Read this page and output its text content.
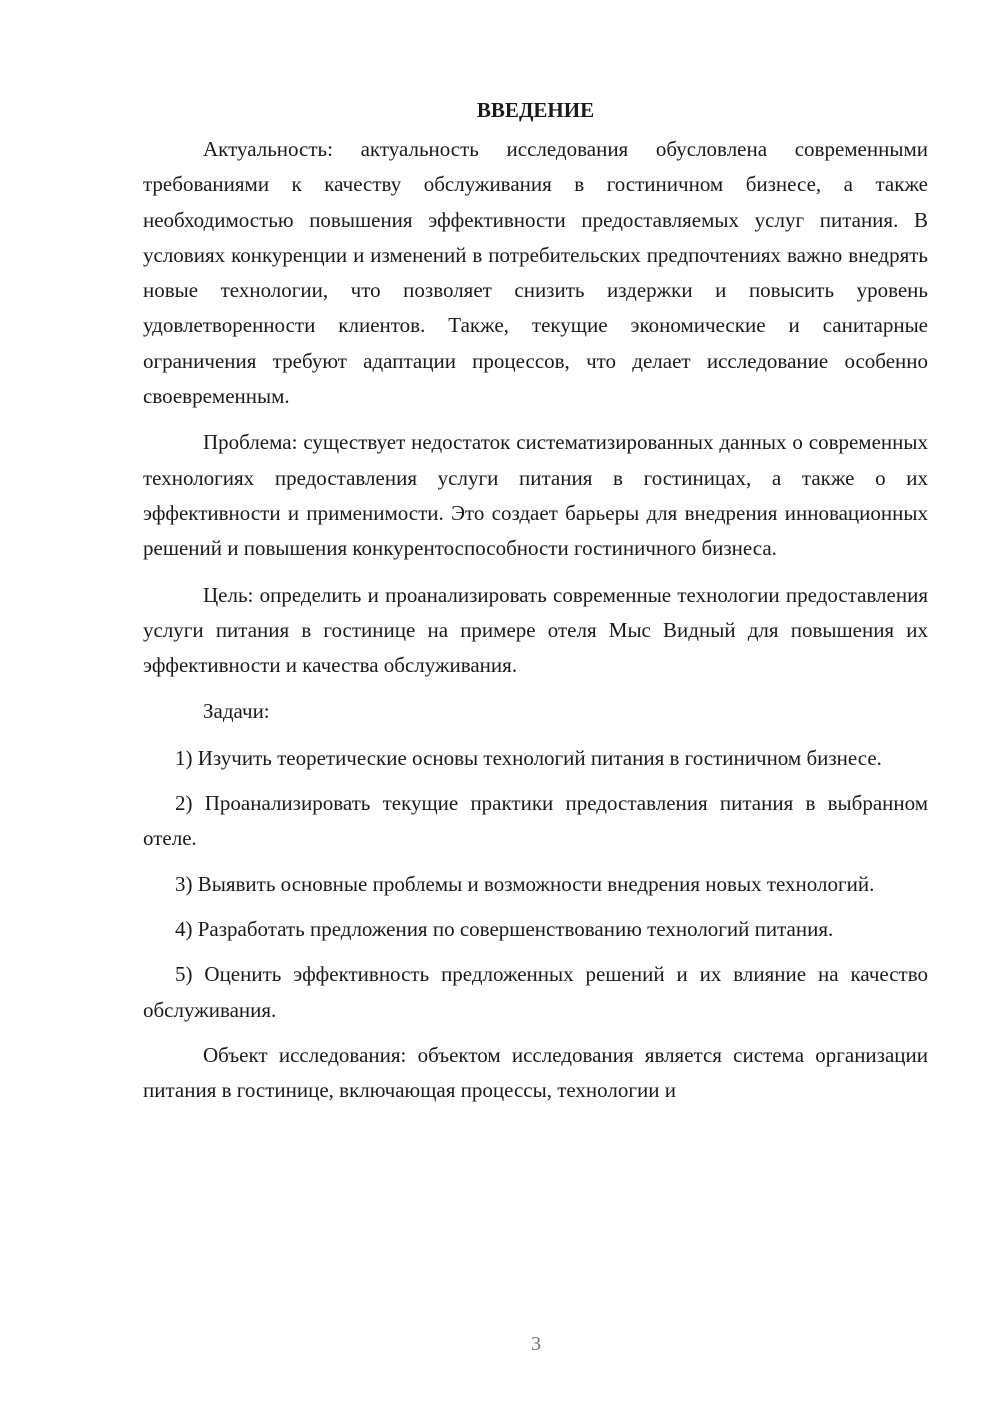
ВВЕДЕНИЕ

Актуальность: актуальность исследования обусловлена современными требованиями к качеству обслуживания в гостиничном бизнесе, а также необходимостью повышения эффективности предоставляемых услуг питания. В условиях конкуренции и изменений в потребительских предпочтениях важно внедрять новые технологии, что позволяет снизить издержки и повысить уровень удовлетворенности клиентов. Также, текущие экономические и санитарные ограничения требуют адаптации процессов, что делает исследование особенно своевременным.

Проблема: существует недостаток систематизированных данных о современных технологиях предоставления услуги питания в гостиницах, а также о их эффективности и применимости. Это создает барьеры для внедрения инновационных решений и повышения конкурентоспособности гостиничного бизнеса.

Цель: определить и проанализировать современные технологии предоставления услуги питания в гостинице на примере отеля Мыс Видный для повышения их эффективности и качества обслуживания.

Задачи:

1) Изучить теоретические основы технологий питания в гостиничном бизнесе.

2) Проанализировать текущие практики предоставления питания в выбранном отеле.

3) Выявить основные проблемы и возможности внедрения новых технологий.

4) Разработать предложения по совершенствованию технологий питания.

5) Оценить эффективность предложенных решений и их влияние на качество обслуживания.

Объект исследования: объектом исследования является система организации питания в гостинице, включающая процессы, технологии и

3
